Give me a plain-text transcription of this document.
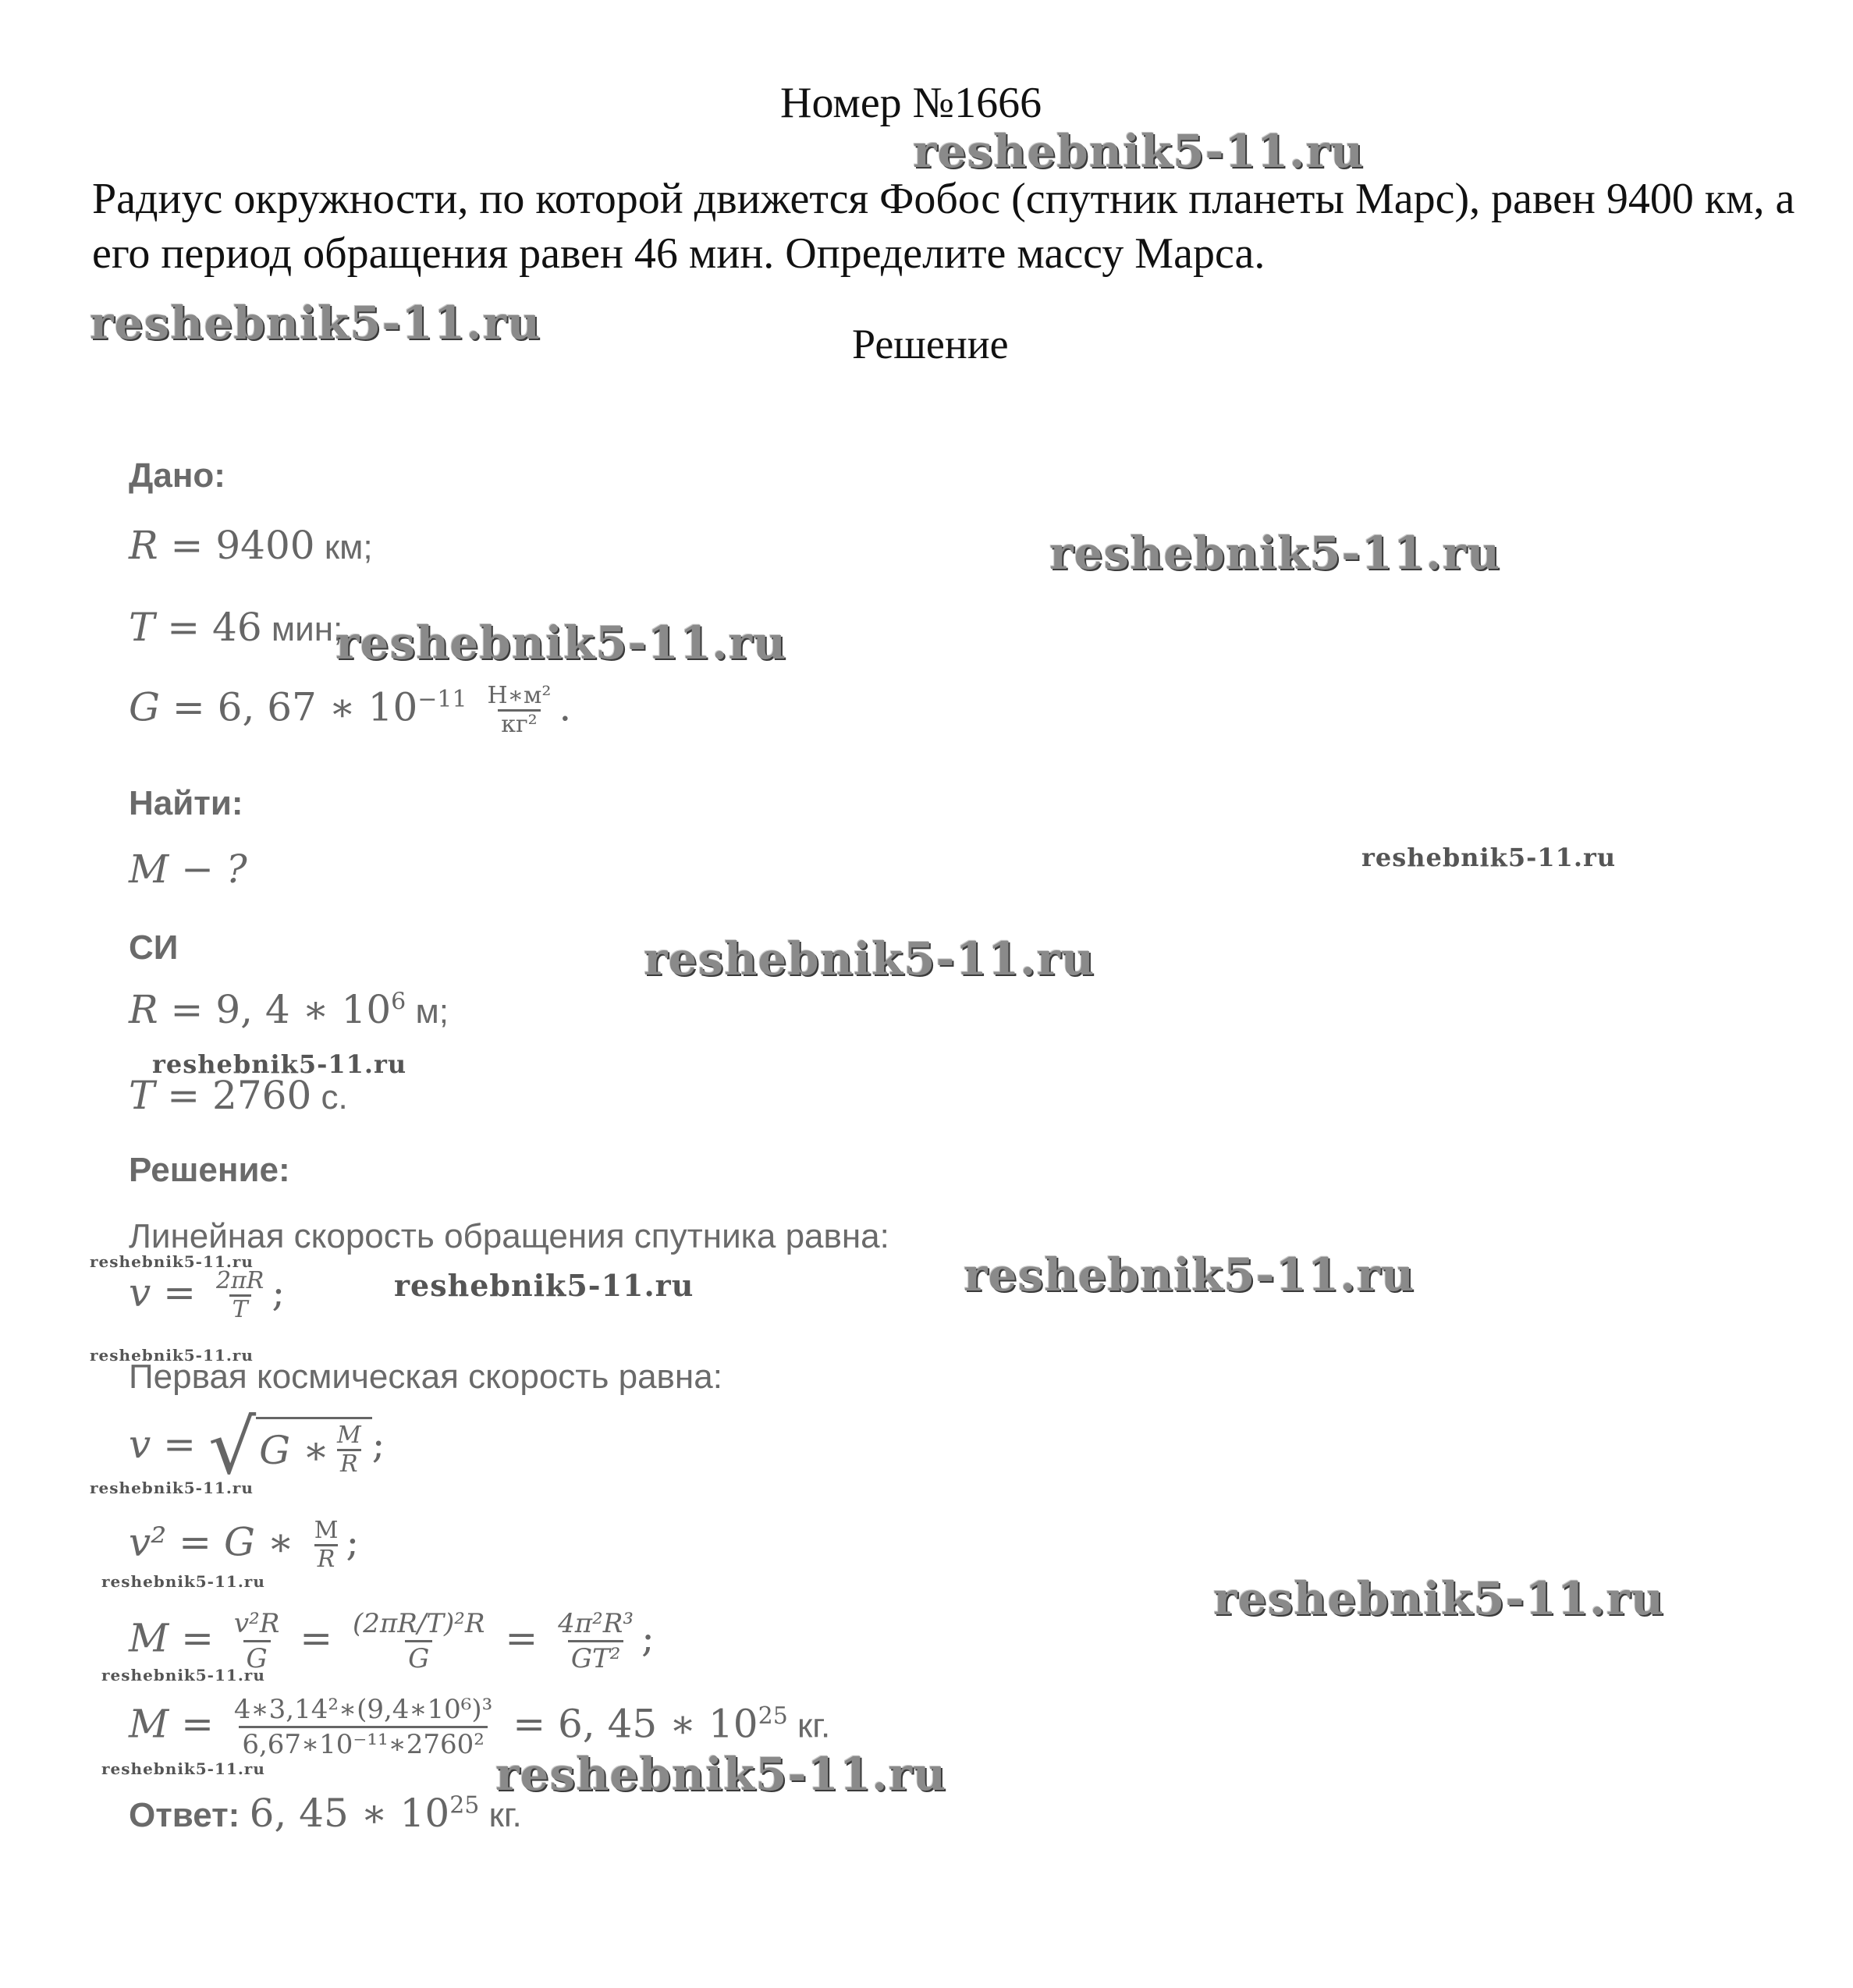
Номер №1666
reshebnik5-11.ru
Радиус окружности, по которой движется Фобос (спутник планеты Марс), равен 9400 км, а его период обращения равен 46 мин. Определите массу Марса.
reshebnik5-11.ru	Решение
Дано:
R = 9400 км;	reshebnik5-11.ru
T = 46 мин;
reshebnik5-11.ru
G = 6, 67 ∗ $10^{-11} \frac{\text{Н∗м²}}{\text{кг²}}$ .
Найти:
M − ?	reshebnik5-11.ru
СИ	reshebnik5-11.ru
R = 9, 4 ∗ $10^6$ м;
reshebnik5-11.ru
T = 2760 с.
Решение:
Линейная скорость обращения спутника равна:
reshebnik5-11.ru
$v = \frac{2\pi R}{T}$ ;	reshebnik5-11.ru	reshebnik5-11.ru
reshebnik5-11.ru
Первая космическая скорость равна:
v = √ G ∗ $\frac{M}{R}$ ;
reshebnik5-11.ru
v² = G ∗ $\frac{M}{R}$ ;
reshebnik5-11.ru	reshebnik5-11.ru
$M = \frac{\text{v²R}}{G} = \frac{\text{(2πR/T)²R}}{G} = \frac{\text{4π²R³}}{\text{GT²}}$ ;
reshebnik5-11.ru
$M = \frac{\text{4∗3,14²∗(9,4∗10⁶)³}}{\text{6,67∗10⁻¹¹∗2760²}} = 6$, 45 ∗ $10^{25}$ кг.
reshebnik5-11.ru	reshebnik5-11.ru
Ответ: 6, 45 ∗ $10^{25}$ кг.
